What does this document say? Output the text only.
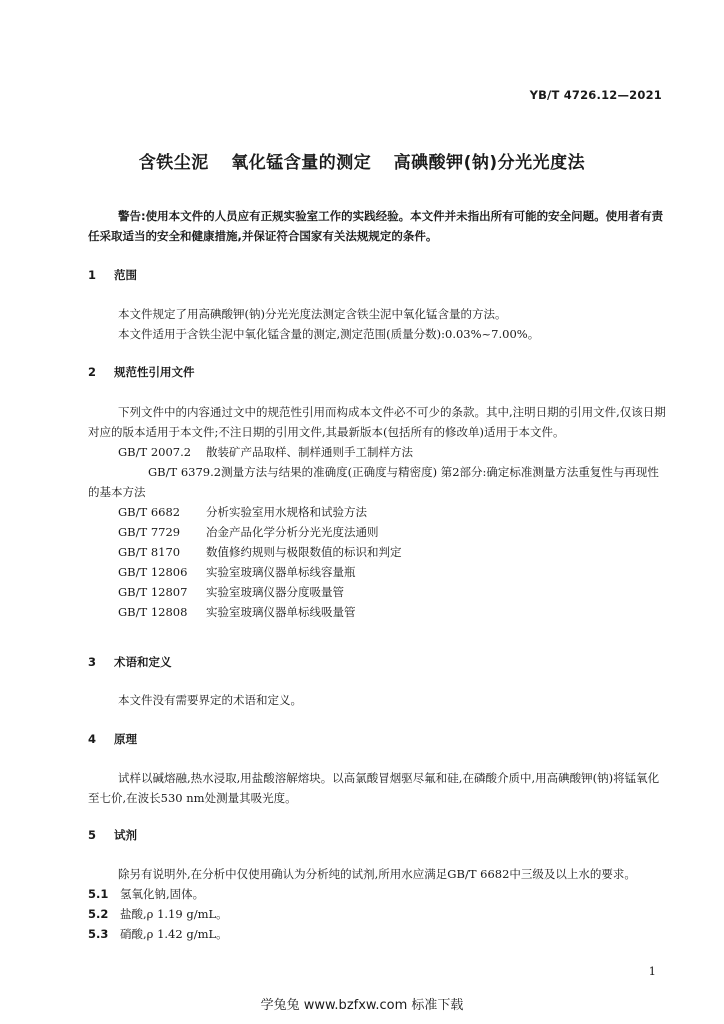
YB/T 4726.12—2021
含铁尘泥 氧化锰含量的测定 高碘酸钾(钠)分光光度法
警告:使用本文件的人员应有正规实验室工作的实践经验。本文件并未指出所有可能的安全问题。使用者有责任采取适当的安全和健康措施,并保证符合国家有关法规规定的条件。
1 范围

本文件规定了用高碘酸钾(钠)分光光度法测定含铁尘泥中氧化锰含量的方法。

本文件适用于含铁尘泥中氧化锰含量的测定,测定范围(质量分数):0.03%~7.00%。

2 规范性引用文件

下列文件中的内容通过文中的规范性引用而构成本文件必不可少的条款。其中,注明日期的引用文件,仅该日期对应的版本适用于本文件;不注日期的引用文件,其最新版本(包括所有的修改单)适用于本文件。

GB/T 2007.2 散装矿产品取样、制样通则手工制样方法

GB/T 6379.2测量方法与结果的准确度(正确度与精密度) 第2部分:确定标准测量方法重复性与再现性的基本方法

GB/T 6682 分析实验室用水规格和试验方法

GB/T 7729 冶金产品化学分析分光光度法通则

GB/T 8170 数值修约规则与极限数值的标识和判定

GB/T 12806 实验室玻璃仪器单标线容量瓶

GB/T 12807 实验室玻璃仪器分度吸量管

GB/T 12808 实验室玻璃仪器单标线吸量管

3 术语和定义

本文件没有需要界定的术语和定义。

4 原理

试样以碱熔融,热水浸取,用盐酸溶解熔块。以高氯酸冒烟驱尽氟和硅,在磷酸介质中,用高碘酸钾(钠)将锰氧化至七价,在波长530 nm处测量其吸光度。

5 试剂

除另有说明外,在分析中仅使用确认为分析纯的试剂,所用水应满足GB/T 6682中三级及以上水的要求。

5.1 氢氧化钠,固体。

5.2 盐酸,ρ 1.19 g/mL。

5.3 硝酸,ρ 1.42 g/mL。

1
学兔兔 www.bzfxw.com 标准下载
